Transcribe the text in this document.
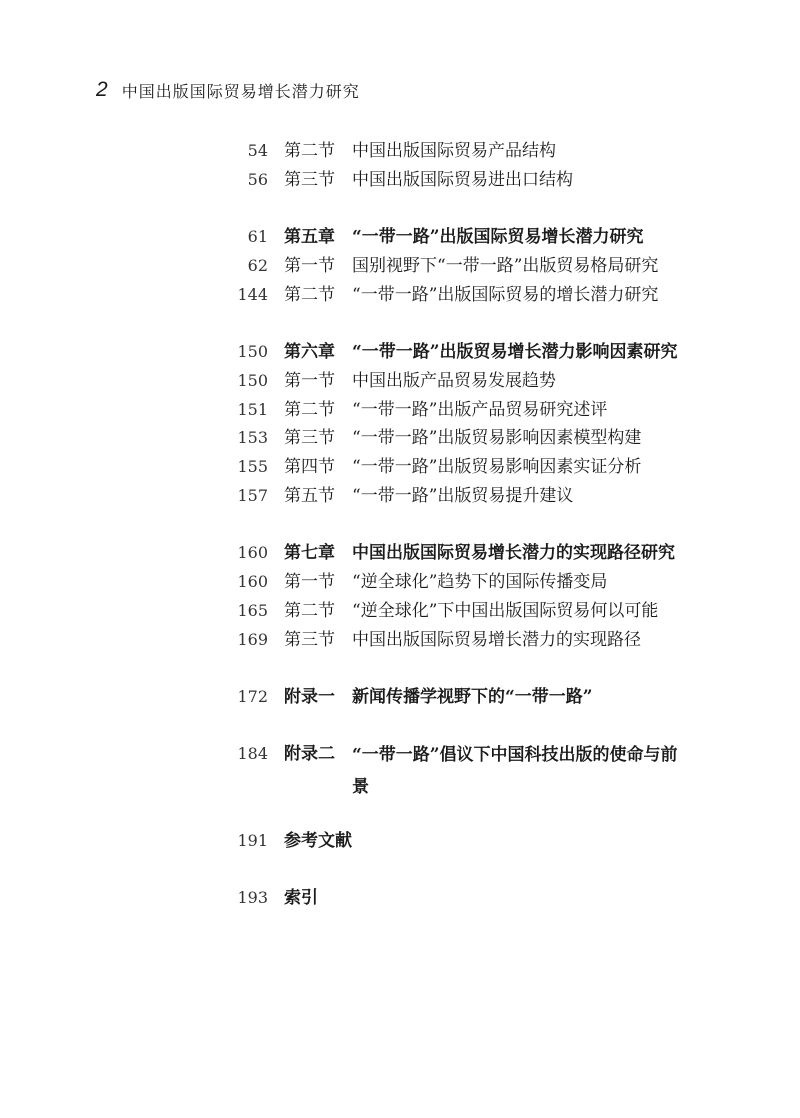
2 中国出版国际贸易增长潜力研究
54 第二节 中国出版国际贸易产品结构
56 第三节 中国出版国际贸易进出口结构
61 第五章 “一带一路”出版国际贸易增长潜力研究
62 第一节 国别视野下“一带一路”出版贸易格局研究
144 第二节 “一带一路”出版国际贸易的增长潜力研究
150 第六章 “一带一路”出版贸易增长潜力影响因素研究
150 第一节 中国出版产品贸易发展趋势
151 第二节 “一带一路”出版产品贸易研究述评
153 第三节 “一带一路”出版贸易影响因素模型构建
155 第四节 “一带一路”出版贸易影响因素实证分析
157 第五节 “一带一路”出版贸易提升建议
160 第七章 中国出版国际贸易增长潜力的实现路径研究
160 第一节 “逆全球化”趋势下的国际传播变局
165 第二节 “逆全球化”下中国出版国际贸易何以可能
169 第三节 中国出版国际贸易增长潜力的实现路径
172 附录一 新闻传播学视野下的“一带一路”
184 附录二 “一带一路”倡议下中国科技出版的使命与前景
191 参考文献
193 索引
